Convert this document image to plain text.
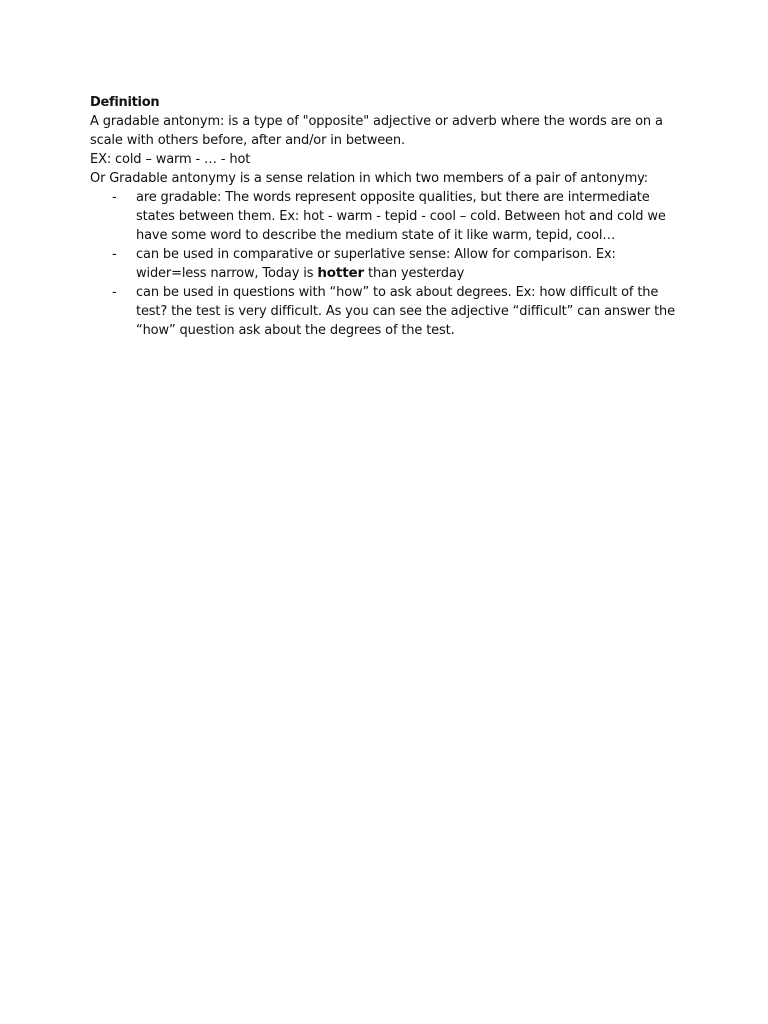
Definition

A gradable antonym: is a type of "opposite" adjective or adverb where the words are on a scale with others before, after and/or in between.

EX: cold – warm - … - hot

Or Gradable antonymy is a sense relation in which two members of a pair of antonymy:

- are gradable: The words represent opposite qualities, but there are intermediate states between them. Ex: hot - warm - tepid - cool – cold. Between hot and cold we have some word to describe the medium state of it like warm, tepid, cool…
- can be used in comparative or superlative sense: Allow for comparison. Ex: wider=less narrow, Today is hotter than yesterday
- can be used in questions with “how” to ask about degrees. Ex: how difficult of the test? the test is very difficult. As you can see the adjective “difficult” can answer the “how” question ask about the degrees of the test.
